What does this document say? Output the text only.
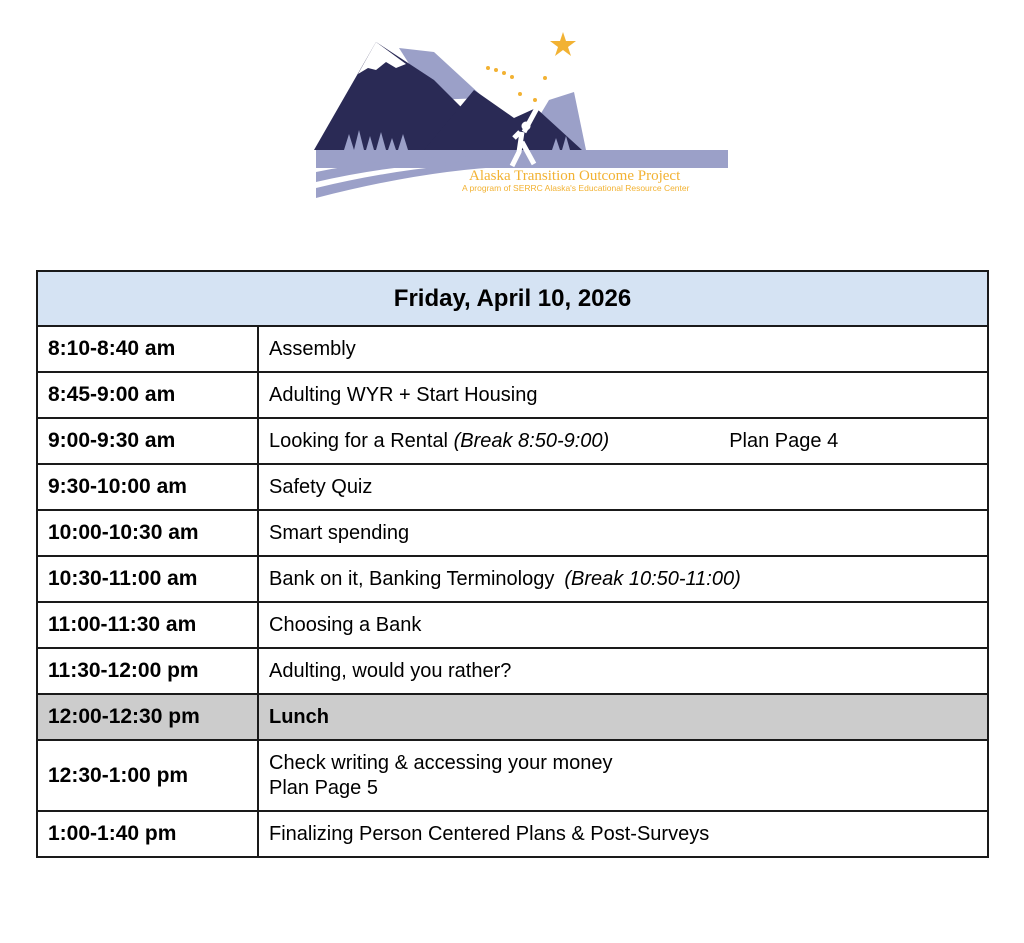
Alaska Transition Outcome Project
A program of SERRC Alaska's Educational Resource Center
Friday, April 10, 2026	
8:10-8:40 am	Assembly
8:45-9:00 am	Adulting WYR + Start Housing
9:00-9:30 am	Looking for a Rental (Break 8:50-9:00) Plan Page 4
9:30-10:00 am	Safety Quiz
10:00-10:30 am	Smart spending
10:30-11:00 am	Bank on it, Banking Terminology (Break 10:50-11:00)
11:00-11:30 am	Choosing a Bank
11:30-12:00 pm	Adulting, would you rather?
12:00-12:30 pm	Lunch
12:30-1:00 pm	Check writing & accessing your money
Plan Page 5

1:00-1:40 pm	Finalizing Person Centered Plans & Post-Surveys
